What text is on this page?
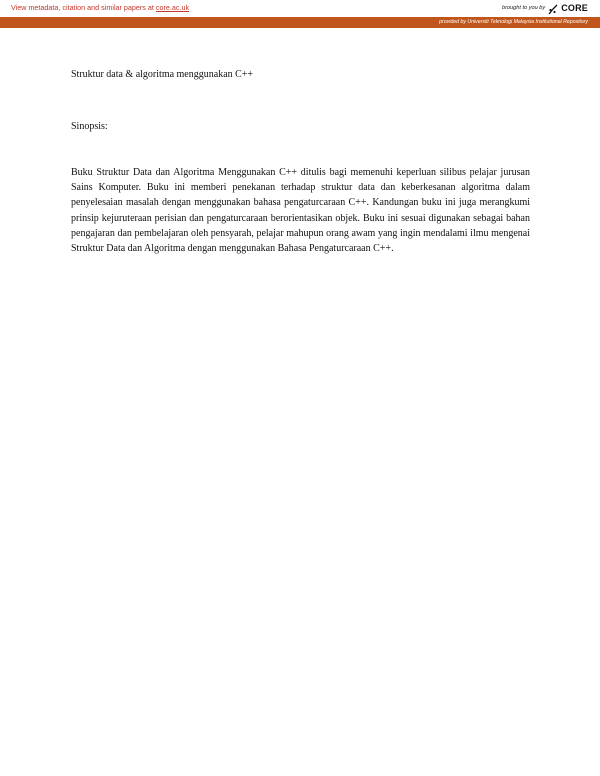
View metadata, citation and similar papers at core.ac.uk	brought to you by CORE
provided by Universiti Teknologi Malaysia Institutional Repository
Struktur data & algoritma menggunakan C++
Sinopsis:

Buku Struktur Data dan Algoritma Menggunakan C++ ditulis bagi memenuhi keperluan silibus pelajar jurusan Sains Komputer. Buku ini memberi penekanan terhadap struktur data dan keberkesanan algoritma dalam penyelesaian masalah dengan menggunakan bahasa pengaturcaraan C++. Kandungan buku ini juga merangkumi prinsip kejuruteraan perisian dan pengaturcaraan berorientasikan objek. Buku ini sesuai digunakan sebagai bahan pengajaran dan pembelajaran oleh pensyarah, pelajar mahupun orang awam yang ingin mendalami ilmu mengenai Struktur Data dan Algoritma dengan menggunakan Bahasa Pengaturcaraan C++.
